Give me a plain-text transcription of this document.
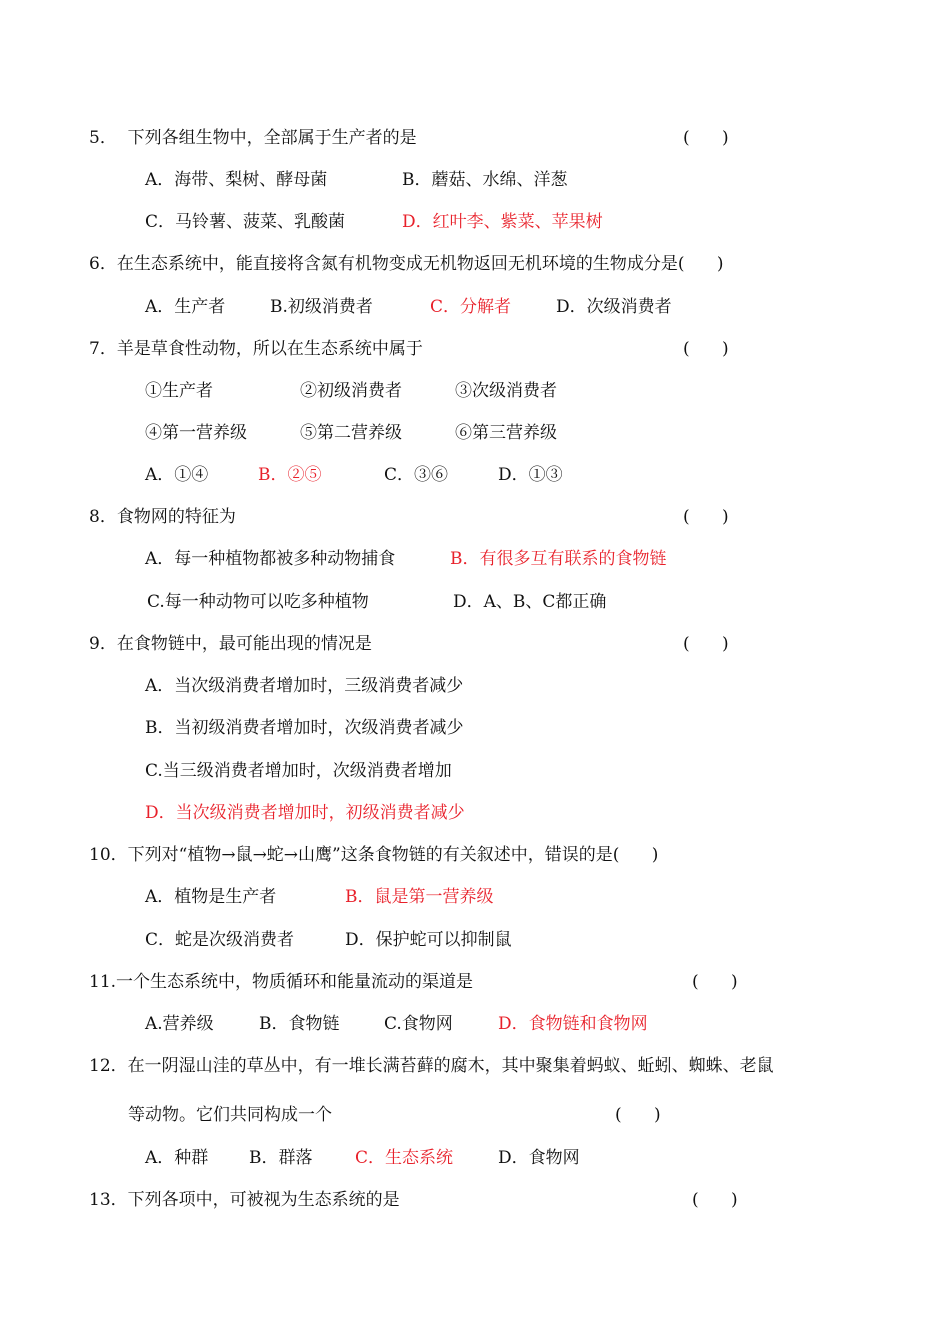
5．  下列各组生物中，全部属于生产者的是	(      )
A．海带、梨树、酵母菌	B．蘑菇、水绵、洋葱
C．马铃薯、菠菜、乳酸菌	D．红叶李、紫菜、苹果树
6．在生态系统中，能直接将含氮有机物变成无机物返回无机环境的生物成分是(      )
A．生产者	B.初级消费者	C．分解者	D．次级消费者
7．羊是草食性动物，所以在生态系统中属于	(      )
①生产者	②初级消费者	③次级消费者
④第一营养级	⑤第二营养级	⑥第三营养级
A．①④	B．②⑤	C．③⑥	D．①③
8．食物网的特征为	(      )
A．每一种植物都被多种动物捕食	B．有很多互有联系的食物链
C.每一种动物可以吃多种植物	D．A、B、C都正确
9．在食物链中，最可能出现的情况是	(      )
A．当次级消费者增加时，三级消费者减少
B．当初级消费者增加时，次级消费者减少
C.当三级消费者增加时，次级消费者增加
D．当次级消费者增加时，初级消费者减少
10．下列对“植物→鼠→蛇→山鹰”这条食物链的有关叙述中，错误的是(      )
A．植物是生产者	B．鼠是第一营养级
C．蛇是次级消费者	D．保护蛇可以抑制鼠
11.一个生态系统中，物质循环和能量流动的渠道是	(      )
A.营养级	B．食物链	C.食物网	D．食物链和食物网
12．在一阴湿山洼的草丛中，有一堆长满苔藓的腐木，其中聚集着蚂蚁、蚯蚓、蜘蛛、老鼠
等动物。它们共同构成一个	(      )
A．种群 B．群落	C．生态系统	D．食物网
13．下列各项中，可被视为生态系统的是	(      )
